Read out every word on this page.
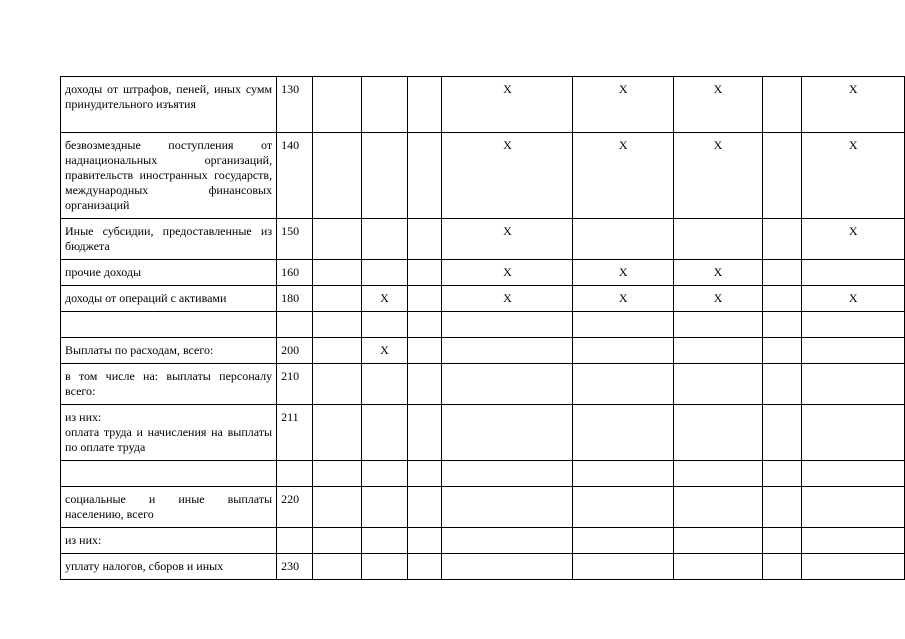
доходы от штрафов, пеней, иных сумм принудительного изъятия	130				X	X	X		X

безвозмездные поступления от наднациональных организаций, правительств иностранных государств, международных финансовых организаций	140				X	X	X		X

Иные субсидии, предоставленные из бюджета	150				X				X

прочие доходы	160				X	X	X		

доходы от операций с активами	180		X		X	X	X		X

Выплаты по расходам, всего:	200		X						

в том числе на: выплаты персоналу всего:	210								

из них:
оплата труда и начисления на выплаты по оплате труда	211								

социальные и иные выплаты населению, всего	220								

из них:									

уплату налогов, сборов и иных	230								
